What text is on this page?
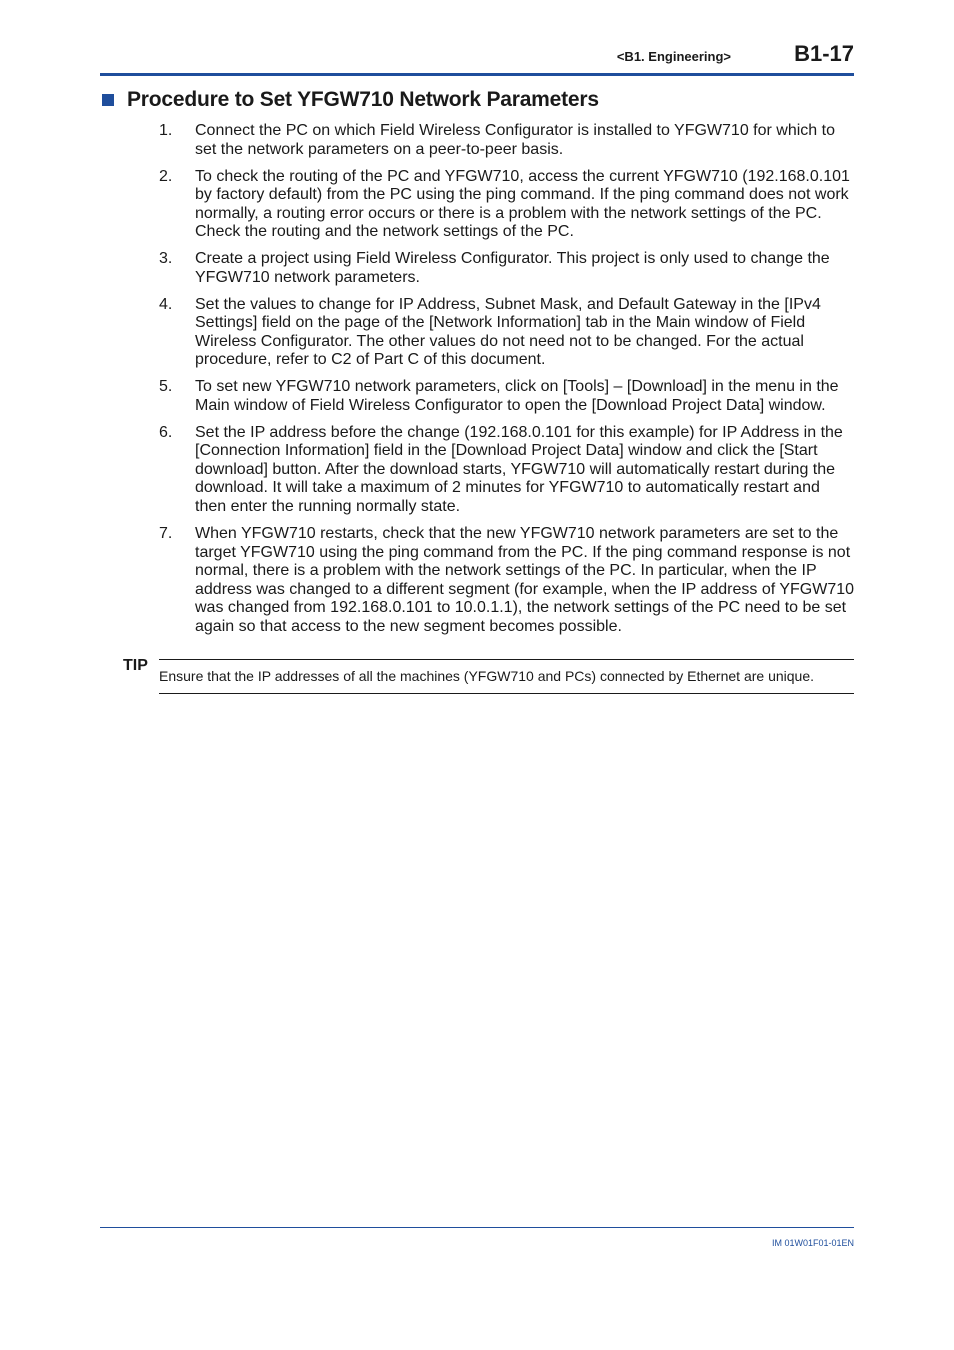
<B1. Engineering>	B1-17
Procedure to Set YFGW710 Network Parameters
1.	Connect the PC on which Field Wireless Configurator is installed to YFGW710 for which to set the network parameters on a peer-to-peer basis.
2.	To check the routing of the PC and YFGW710, access the current YFGW710 (192.168.0.101 by factory default) from the PC using the ping command. If the ping command does not work normally, a routing error occurs or there is a problem with the network settings of the PC. Check the routing and the network settings of the PC.
3.	Create a project using Field Wireless Configurator. This project is only used to change the YFGW710 network parameters.
4.	Set the values to change for IP Address, Subnet Mask, and Default Gateway in the [IPv4 Settings] field on the page of the [Network Information] tab in the Main window of Field Wireless Configurator. The other values do not need not to be changed. For the actual procedure, refer to C2 of Part C of this document.
5.	To set new YFGW710 network parameters, click on [Tools] – [Download] in the menu in the Main window of Field Wireless Configurator to open the [Download Project Data] window.
6.	Set the IP address before the change (192.168.0.101 for this example) for IP Address in the [Connection Information] field in the [Download Project Data] window and click the [Start download] button. After the download starts, YFGW710 will automatically restart during the download. It will take a maximum of 2 minutes for YFGW710 to automatically restart and then enter the running normally state.
7.	When YFGW710 restarts, check that the new YFGW710 network parameters are set to the target YFGW710 using the ping command from the PC. If the ping command response is not normal, there is a problem with the network settings of the PC. In particular, when the IP address was changed to a different segment (for example, when the IP address of YFGW710 was changed from 192.168.0.101 to 10.0.1.1), the network settings of the PC need to be set again so that access to the new segment becomes possible.
TIP
Ensure that the IP addresses of all the machines (YFGW710 and PCs) connected by Ethernet are unique.
IM 01W01F01-01EN
